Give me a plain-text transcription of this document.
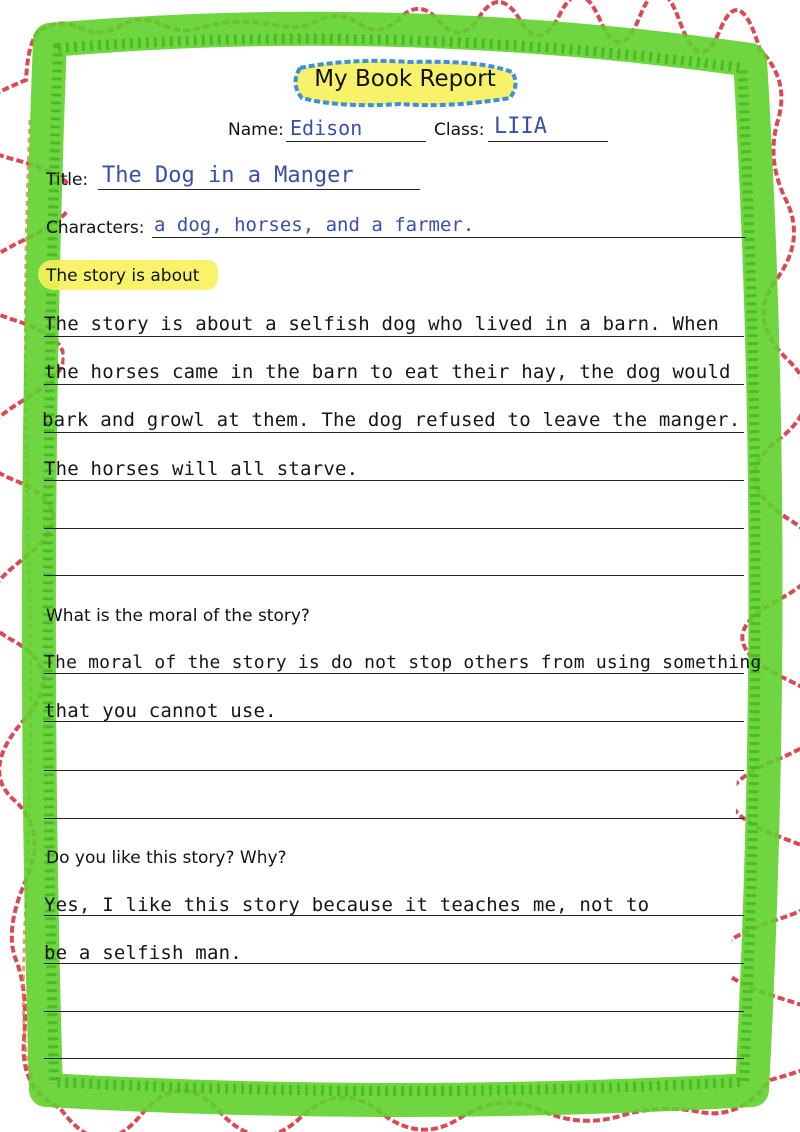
My Book Report
Name: Edison	Class: LIIA
Title: The Dog in a Manger
Characters: a dog, horses, and a farmer.
The story is about
The story is about a selfish dog who lived in a barn. When
the horses came in the barn to eat their hay, the dog would
bark and growl at them. The dog refused to leave the manger.
The horses will all starve.
What is the moral of the story?
The moral of the story is do not stop others from using something
that you cannot use.
Do you like this story? Why?
Yes, I like this story because it teaches me, not to
be a selfish man.
